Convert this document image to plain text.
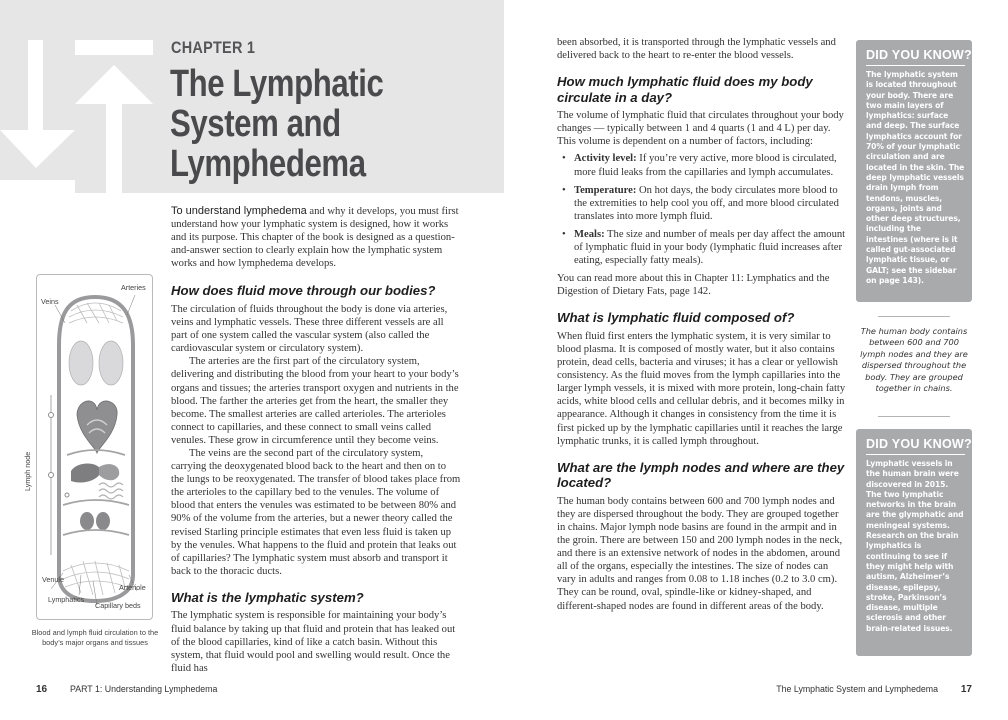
CHAPTER 1
The Lymphatic
System and
Lymphedema

To understand lymphedema and why it develops, you must first understand how your lymphatic system is designed, how it works and its purpose. This chapter of the book is designed as a question-and-answer section to clearly explain how the lymphatic system works and how lymphedema develops.

How does fluid move through our bodies?

The circulation of fluids throughout the body is done via arteries, veins and lymphatic vessels. These three different vessels are all part of one system called the vascular system (also called the cardiovascular system or circulatory system).

The arteries are the first part of the circulatory system, delivering and distributing the blood from your heart to your body’s organs and tissues; the arteries transport oxygen and nutrients in the blood. The farther the arteries get from the heart, the smaller they become. The smallest arteries are called arterioles. The arterioles connect to capillaries, and these connect to small veins called venules. These grow in circumference until they become veins.

The veins are the second part of the circulatory system, carrying the deoxygenated blood back to the heart and then on to the lungs to be reoxygenated. The transfer of blood takes place from the arterioles to the capillary bed to the venules. The volume of blood that enters the venules was estimated to be between 80% and 90% of the volume from the arteries, but a newer theory called the revised Starling principle estimates that even less fluid is taken up by the venules. What happens to the fluid and protein that leaks out of capillaries? The lymphatic system must absorb and transport it back to the thoracic ducts.

What is the lymphatic system?

The lymphatic system is responsible for maintaining your body’s fluid balance by taking up that fluid and protein that has leaked out of the blood capillaries, kind of like a catch basin. Without this system, that fluid would pool and swelling would result. Once the fluid has

Arteries
Veins
Lymph node
Venule
Arteriole
Lymphatics
Capillary beds
Blood and lymph fluid circulation to the body’s major organs and tissues
16	PART 1: Understanding Lymphedema

been absorbed, it is transported through the lymphatic vessels and delivered back to the heart to re-enter the blood vessels.

How much lymphatic fluid does my body circulate in a day?

The volume of lymphatic fluid that circulates throughout your body changes — typically between 1 and 4 quarts (1 and 4 L) per day. This volume is dependent on a number of factors, including:

• Activity level: If you’re very active, more blood is circulated, more fluid leaks from the capillaries and lymph accumulates.
• Temperature: On hot days, the body circulates more blood to the extremities to help cool you off, and more blood circulated translates into more lymph fluid.
• Meals: The size and number of meals per day affect the amount of lymphatic fluid in your body (lymphatic fluid increases after eating, especially fatty meals).

You can read more about this in Chapter 11: Lymphatics and the Digestion of Dietary Fats, page 142.

What is lymphatic fluid composed of?

When fluid first enters the lymphatic system, it is very similar to blood plasma. It is composed of mostly water, but it also contains protein, dead cells, bacteria and viruses; it has a clear or yellowish consistency. As the fluid moves from the lymph capillaries into the larger lymph vessels, it is mixed with more protein, long-chain fatty acids, white blood cells and cellular debris, and it becomes milky in appearance. Although it changes in consistency from the time it is first picked up by the lymphatic capillaries until it reaches the large lymphatic trunks, it is called lymph throughout.

What are the lymph nodes and where are they located?

The human body contains between 600 and 700 lymph nodes and they are dispersed throughout the body. They are grouped together in chains. Major lymph node basins are found in the armpit and in the groin. There are between 150 and 200 lymph nodes in the neck, and there is an extensive network of nodes in the abdomen, around all of the organs, especially the intestines. The size of nodes can vary in adults and ranges from 0.08 to 1.18 inches (0.2 to 3.0 cm). They can be round, oval, spindle-like or kidney-shaped, and different-shaped nodes are found in different areas of the body.

DID YOU KNOW?
The lymphatic system is located throughout your body. There are two main layers of lymphatics: surface and deep. The surface lymphatics account for 70% of your lymphatic circulation and are located in the skin. The deep lymphatic vessels drain lymph from tendons, muscles, organs, joints and other deep structures, including the intestines (where is it called gut-associated lymphatic tissue, or GALT; see the sidebar on page 143).
The human body contains between 600 and 700 lymph nodes and they are dispersed throughout the body. They are grouped together in chains.
DID YOU KNOW?
Lymphatic vessels in the human brain were discovered in 2015. The two lymphatic networks in the brain are the glymphatic and meningeal systems. Research on the brain lymphatics is continuing to see if they might help with autism, Alzheimer’s disease, epilepsy, stroke, Parkinson’s disease, multiple sclerosis and other brain-related issues.
The Lymphatic System and Lymphedema 17
